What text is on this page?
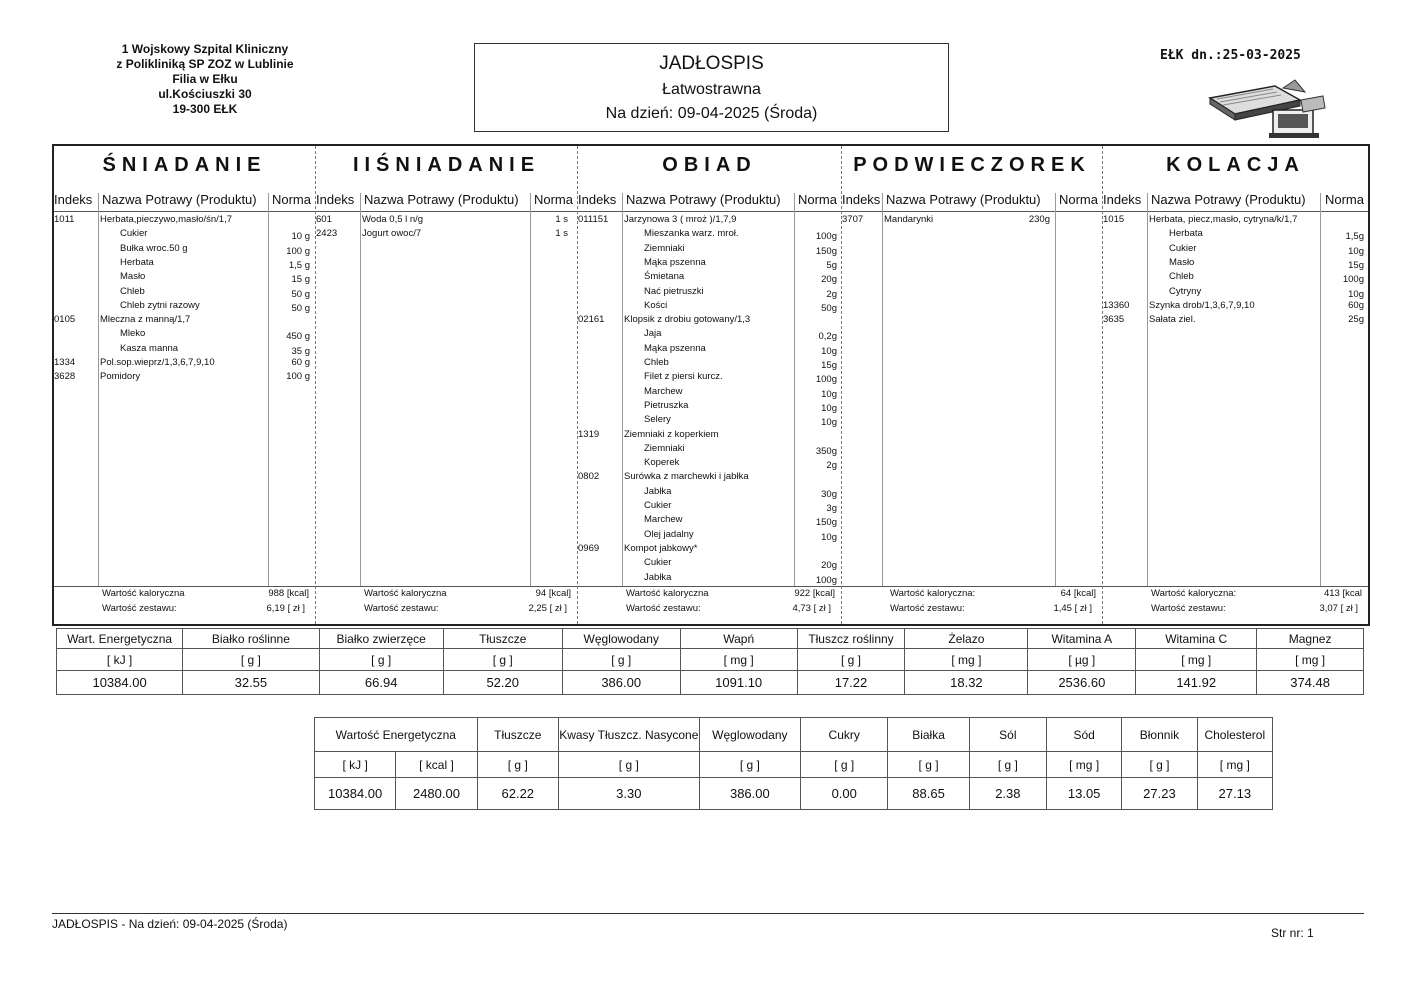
1 Wojskowy Szpital Kliniczny
z Polikliniką SP ZOZ w Lublinie
Filia w Ełku
ul.Kościuszki 30
19-300 EŁK
JADŁOSPIS
Łatwostrawna
Na dzień: 09-04-2025 (Środa)
EŁK dn.:25-03-2025
ŚNIADANIE
Indeks Nazwa Potrawy (Produktu) Norma
1011	Herbata,pieczywo,masło/śn/1,7
Cukier	10 g
Bułka wroc.50 g	100 g
Herbata	1,5 g
Masło	15 g
Chleb	50 g
Chleb zytni razowy	50 g
0105	Mleczna z manną/1,7
Mleko	450 g
Kasza manna	35 g
1334	Pol.sop.wieprz/1,3,6,7,9,10	60 g
3628	Pomidory	100 g
Wartość kaloryczna	988 [kcal]
Wartość zestawu:	6,19 [ zł ]
IIŚNIADANIE
Indeks Nazwa Potrawy (Produktu) Norma
601	Woda 0,5 l n/g	1 s
2423	Jogurt owoc/7	1 s
Wartość kaloryczna	94 [kcal]
Wartość zestawu:	2,25 [ zł ]
OBIAD
Indeks Nazwa Potrawy (Produktu) Norma
011151 Jarzynowa 3 ( mroż )/1,7,9
Mieszanka warz. mroł.	100g
Ziemniaki	150g
Mąka pszenna	5g
Śmietana	20g
Nać pietruszki	2g
Kości	50g
02161 Klopsik z drobiu gotowany/1,3
Jaja	0,2g
Mąka pszenna	10g
Chleb	15g
Filet z piersi kurcz.	100g
Marchew	10g
Pietruszka	10g
Selery	10g
1319	Ziemniaki z koperkiem
Ziemniaki	350g
Koperek	2g
0802	Surówka z marchewki i jabłka
Jabłka	30g
Cukier	3g
Marchew	150g
Olej jadalny	10g
0969	Kompot jabkowy*
Cukier	20g
Jabłka	100g
Wartość kaloryczna	922 [kcal]
Wartość zestawu:	4,73 [ zł ]
PODWIECZOREK
Indeks Nazwa Potrawy (Produktu) Norma
3707 Mandarynki	230g
Wartość kaloryczna:	64 [kcal]
Wartość zestawu:	1,45 [ zł ]
KOLACJA
Indeks Nazwa Potrawy (Produktu) Norma
1015	Herbata, piecz,masło, cytryna/k/1,7
Herbata	1,5g
Cukier	10g
Masło	15g
Chleb	100g
Cytryny	10g
13360 Szynka drob/1,3,6,7,9,10	60g
3635	Sałata ziel.	25g
Wartość kaloryczna:	413 [kcal
Wartość zestawu:	3,07 [ zł ]
Wart. Energetyczna	Białko roślinne	Białko zwierzęce	Tłuszcze	Węglowodany	Wapń	Tłuszcz roślinny	Żelazo	Witamina A	Witamina C	Magnez
[ kJ ]	[ g ]	[ g ]	[ g ]	[ g ]	[ mg ]	[ g ]	[ mg ]	[ µg ]	[ mg ]	[ mg ]
10384.00	32.55	66.94	52.20	386.00	1091.10	17.22	18.32	2536.60	141.92	374.48
Wartość Energetyczna		Tłuszcze	Kwasy Tłuszcz. Nasycone	Węglowodany	Cukry	Białka	Sól	Sód	Błonnik	Cholesterol
[ kJ ]	[ kcal ]	[ g ]	[ g ]	[ g ]	[ g ]	[ g ]	[ g ]	[ mg ]	[ g ]	[ mg ]
10384.00	2480.00	62.22	3.30	386.00	0.00	88.65	2.38	13.05	27.23	27.13
JADŁOSPIS - Na dzień: 09-04-2025 (Środa)
Str nr: 1
